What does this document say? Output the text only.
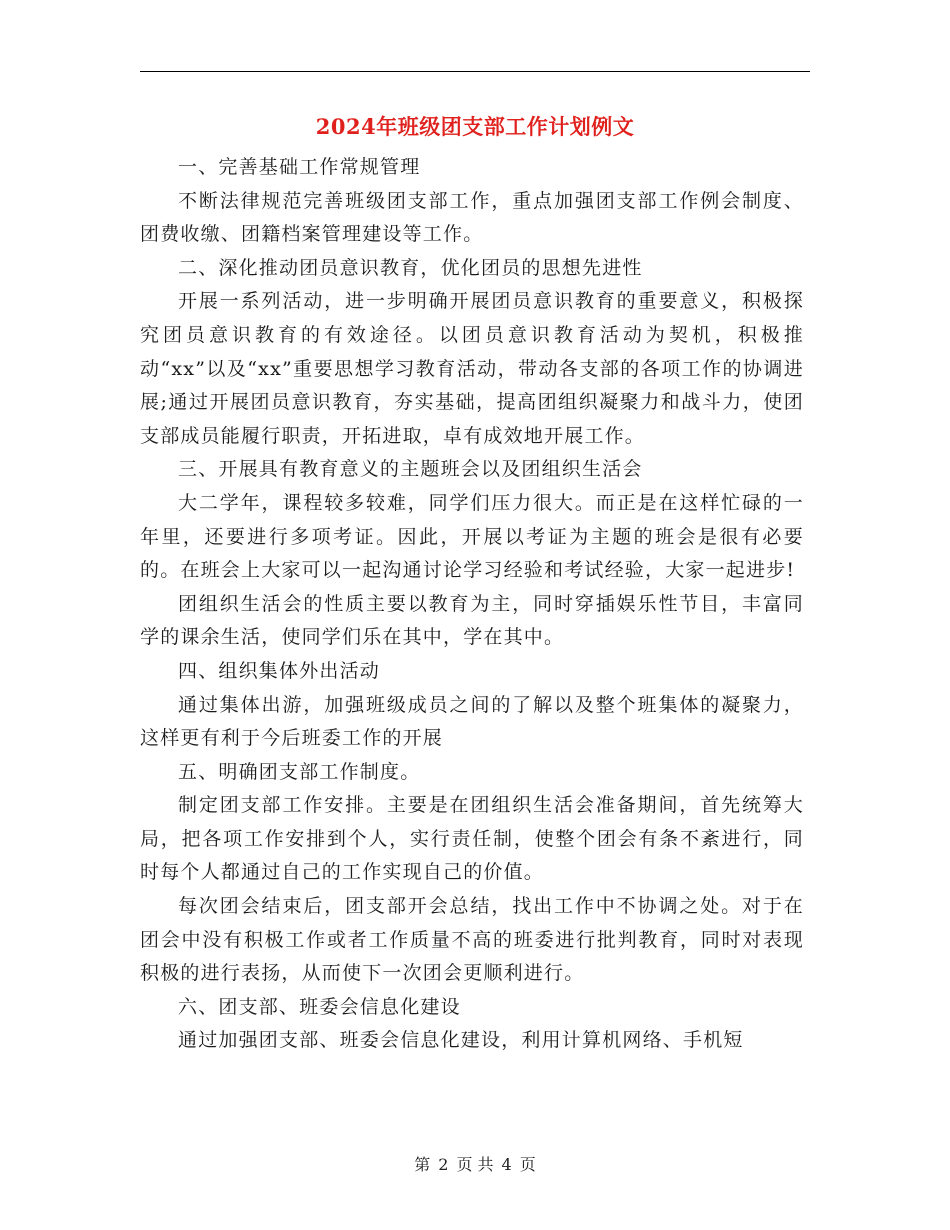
2024年班级团支部工作计划例文

一、完善基础工作常规管理

不断法律规范完善班级团支部工作，重点加强团支部工作例会制度、团费收缴、团籍档案管理建设等工作。

二、深化推动团员意识教育，优化团员的思想先进性

开展一系列活动，进一步明确开展团员意识教育的重要意义，积极探究团员意识教育的有效途径。以团员意识教育活动为契机，积极推动“xx”以及“xx”重要思想学习教育活动，带动各支部的各项工作的协调进展;通过开展团员意识教育，夯实基础，提高团组织凝聚力和战斗力，使团支部成员能履行职责，开拓进取，卓有成效地开展工作。

三、开展具有教育意义的主题班会以及团组织生活会

大二学年，课程较多较难，同学们压力很大。而正是在这样忙碌的一年里，还要进行多项考证。因此，开展以考证为主题的班会是很有必要的。在班会上大家可以一起沟通讨论学习经验和考试经验，大家一起进步!

团组织生活会的性质主要以教育为主，同时穿插娱乐性节目，丰富同学的课余生活，使同学们乐在其中，学在其中。

四、组织集体外出活动

通过集体出游，加强班级成员之间的了解以及整个班集体的凝聚力，这样更有利于今后班委工作的开展

五、明确团支部工作制度。

制定团支部工作安排。主要是在团组织生活会准备期间，首先统筹大局，把各项工作安排到个人，实行责任制，使整个团会有条不紊进行，同时每个人都通过自己的工作实现自己的价值。

每次团会结束后，团支部开会总结，找出工作中不协调之处。对于在团会中没有积极工作或者工作质量不高的班委进行批判教育，同时对表现积极的进行表扬，从而使下一次团会更顺利进行。

六、团支部、班委会信息化建设

通过加强团支部、班委会信息化建设，利用计算机网络、手机短

第 2 页 共 4 页
